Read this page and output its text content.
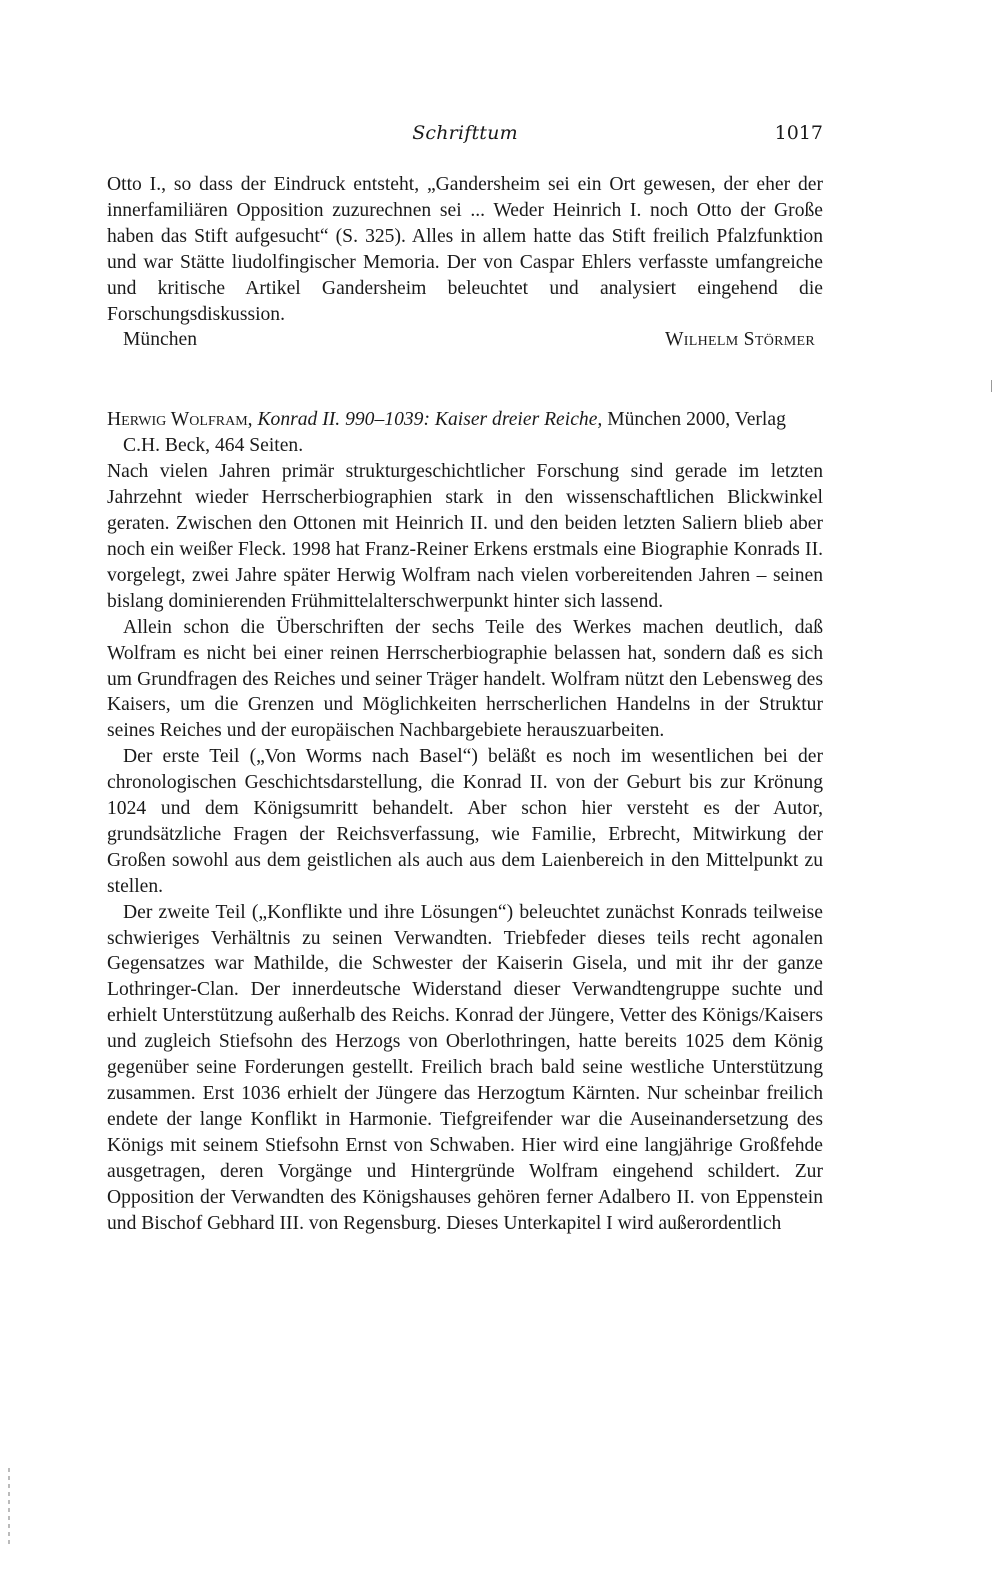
Schrifttum	1017

Otto I., so dass der Eindruck entsteht, „Gandersheim sei ein Ort gewesen, der eher der innerfamiliären Opposition zuzurechnen sei ... Weder Heinrich I. noch Otto der Große haben das Stift aufgesucht“ (S. 325). Alles in allem hatte das Stift freilich Pfalzfunktion und war Stätte liudolfingischer Memoria. Der von Caspar Ehlers verfasste umfangreiche und kritische Artikel Gandersheim beleuchtet und analysiert eingehend die Forschungsdiskussion.

München	Wilhelm Störmer

Herwig Wolfram, Konrad II. 990–1039: Kaiser dreier Reiche, München 2000, Verlag C.H. Beck, 464 Seiten.

Nach vielen Jahren primär strukturgeschichtlicher Forschung sind gerade im letzten Jahrzehnt wieder Herrscherbiographien stark in den wissenschaftlichen Blickwinkel geraten. Zwischen den Ottonen mit Heinrich II. und den beiden letzten Saliern blieb aber noch ein weißer Fleck. 1998 hat Franz-Reiner Erkens erstmals eine Biographie Konrads II. vorgelegt, zwei Jahre später Herwig Wolfram nach vielen vorbereitenden Jahren – seinen bislang dominierenden Frühmittelalterschwerpunkt hinter sich lassend.

Allein schon die Überschriften der sechs Teile des Werkes machen deutlich, daß Wolfram es nicht bei einer reinen Herrscherbiographie belassen hat, sondern daß es sich um Grundfragen des Reiches und seiner Träger handelt. Wolfram nützt den Lebensweg des Kaisers, um die Grenzen und Möglichkeiten herrscherlichen Handelns in der Struktur seines Reiches und der europäischen Nachbargebiete herauszuarbeiten.

Der erste Teil („Von Worms nach Basel“) beläßt es noch im wesentlichen bei der chronologischen Geschichtsdarstellung, die Konrad II. von der Geburt bis zur Krönung 1024 und dem Königsumritt behandelt. Aber schon hier versteht es der Autor, grundsätzliche Fragen der Reichsverfassung, wie Familie, Erbrecht, Mitwirkung der Großen sowohl aus dem geistlichen als auch aus dem Laienbereich in den Mittelpunkt zu stellen.

Der zweite Teil („Konflikte und ihre Lösungen“) beleuchtet zunächst Konrads teilweise schwieriges Verhältnis zu seinen Verwandten. Triebfeder dieses teils recht agonalen Gegensatzes war Mathilde, die Schwester der Kaiserin Gisela, und mit ihr der ganze Lothringer-Clan. Der innerdeutsche Widerstand dieser Verwandtengruppe suchte und erhielt Unterstützung außerhalb des Reichs. Konrad der Jüngere, Vetter des Königs/Kaisers und zugleich Stiefsohn des Herzogs von Oberlothringen, hatte bereits 1025 dem König gegenüber seine Forderungen gestellt. Freilich brach bald seine westliche Unterstützung zusammen. Erst 1036 erhielt der Jüngere das Herzogtum Kärnten. Nur scheinbar freilich endete der lange Konflikt in Harmonie. Tiefgreifender war die Auseinandersetzung des Königs mit seinem Stiefsohn Ernst von Schwaben. Hier wird eine langjährige Großfehde ausgetragen, deren Vorgänge und Hintergründe Wolfram eingehend schildert. Zur Opposition der Verwandten des Königshauses gehören ferner Adalbero II. von Eppenstein und Bischof Gebhard III. von Regensburg. Dieses Unterkapitel I wird außerordentlich
